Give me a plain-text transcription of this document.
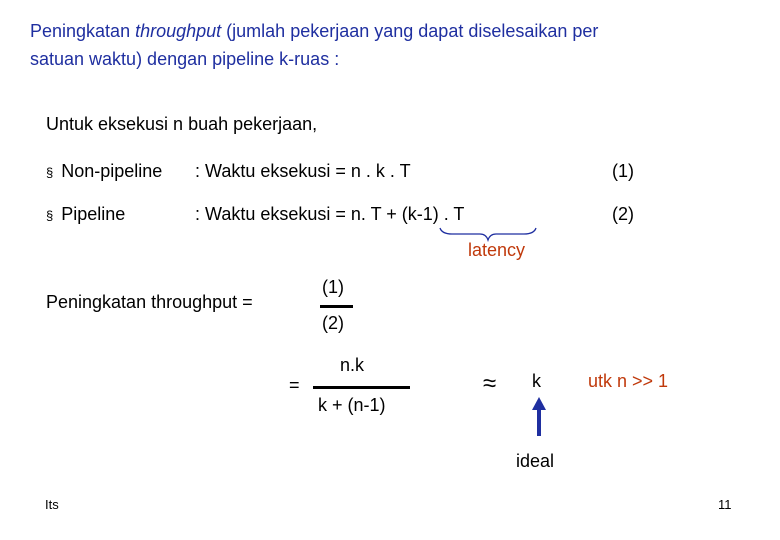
Peningkatan throughput (jumlah pekerjaan yang dapat diselesaikan per
satuan waktu) dengan pipeline k-ruas :
Untuk eksekusi n buah pekerjaan,
§ Non-pipeline : Waktu eksekusi = n . k . T	(1)
§ Pipeline	: Waktu eksekusi = n. T + (k-1) . T	(2)
latency
Peningkatan throughput =
(1)
(2)
=
n.k
k + (n-1)
≈ k	utk n >> 1
ideal
Its	11
